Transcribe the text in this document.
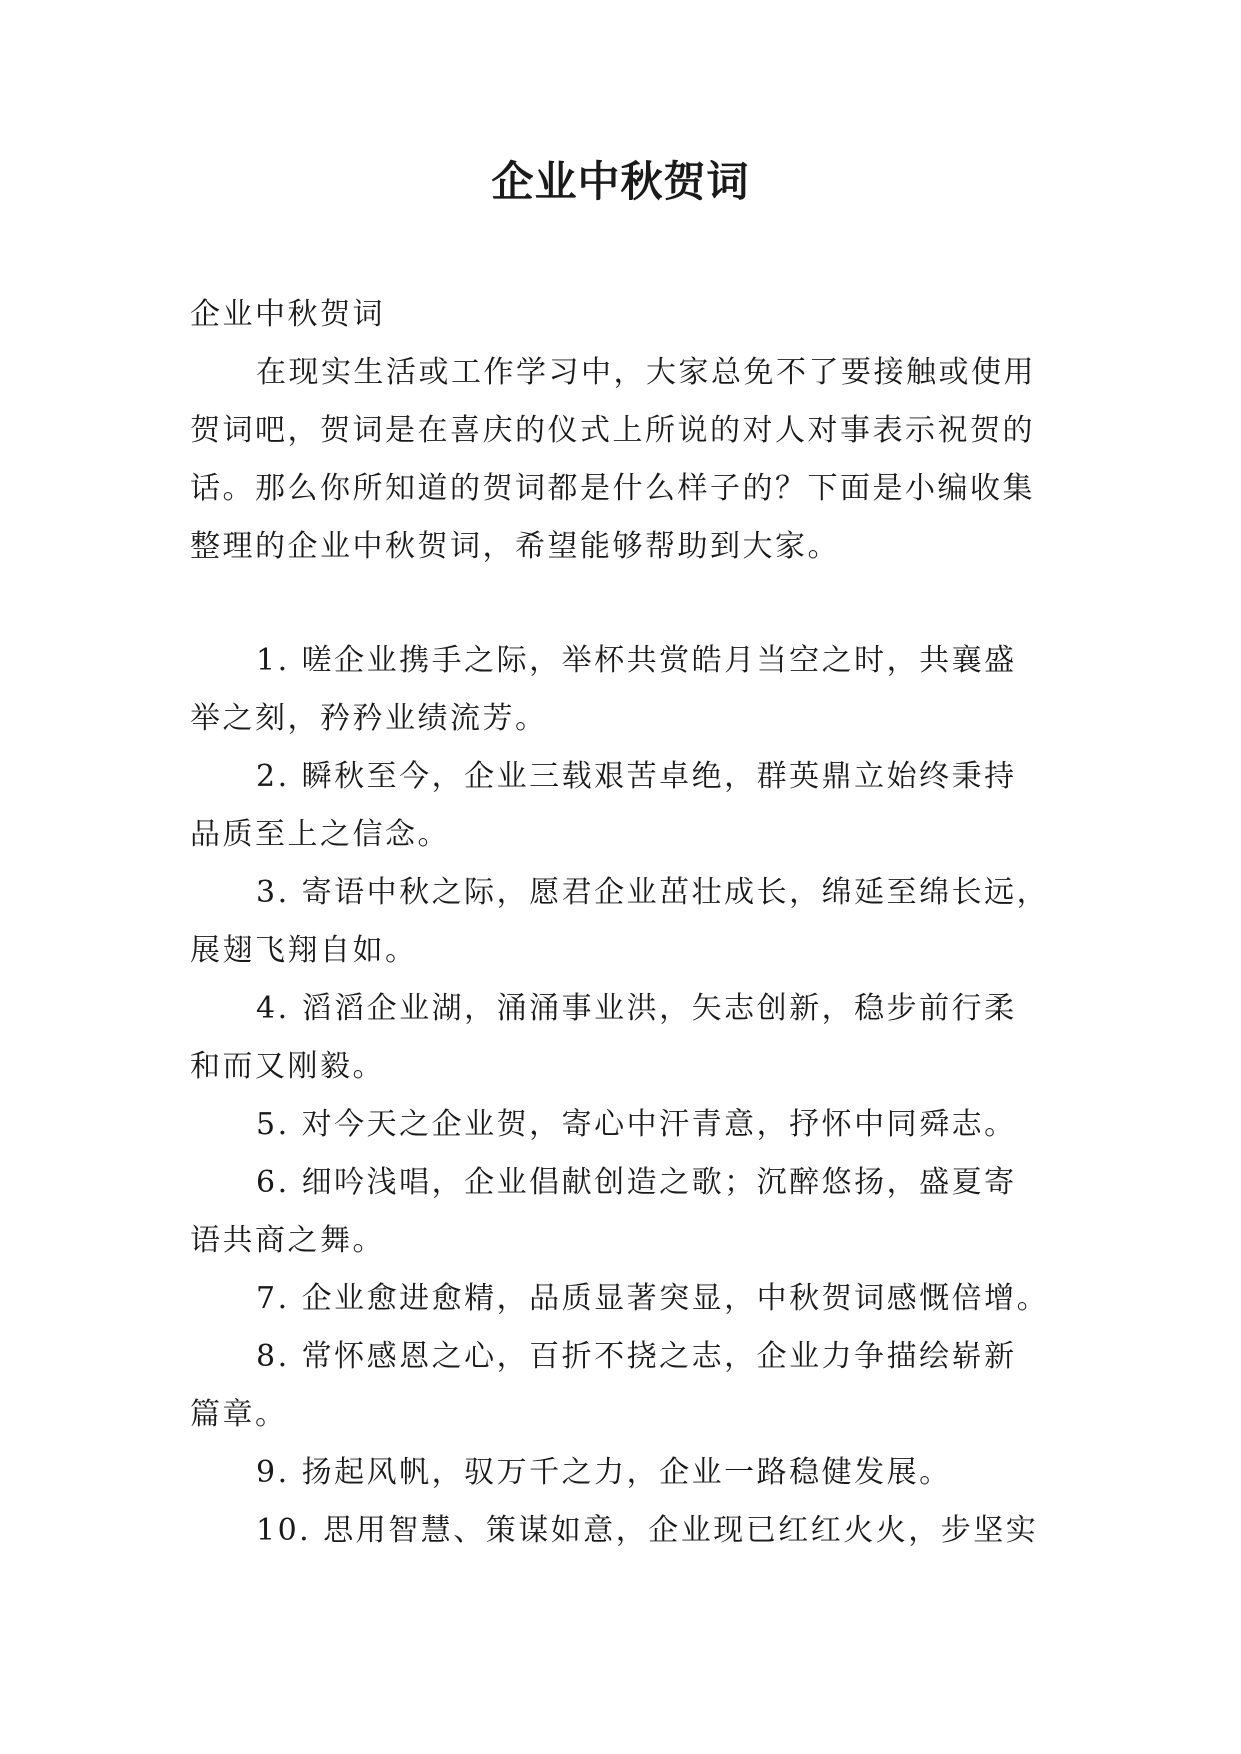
企业中秋贺词
企业中秋贺词
在现实生活或工作学习中，大家总免不了要接触或使用
贺词吧，贺词是在喜庆的仪式上所说的对人对事表示祝贺的
话。那么你所知道的贺词都是什么样子的？下面是小编收集
整理的企业中秋贺词，希望能够帮助到大家。
1. 嗟企业携手之际，举杯共赏皓月当空之时，共襄盛
举之刻，矜矜业绩流芳。
2. 瞬秋至今，企业三载艰苦卓绝，群英鼎立始终秉持
品质至上之信念。
3. 寄语中秋之际，愿君企业茁壮成长，绵延至绵长远，
展翅飞翔自如。
4. 滔滔企业湖，涌涌事业洪，矢志创新，稳步前行柔
和而又刚毅。
5. 对今天之企业贺，寄心中汗青意，抒怀中同舜志。
6. 细吟浅唱，企业倡献创造之歌；沉醉悠扬，盛夏寄
语共商之舞。
7. 企业愈进愈精，品质显著突显，中秋贺词感慨倍增。
8. 常怀感恩之心，百折不挠之志，企业力争描绘崭新
篇章。
9. 扬起风帆，驭万千之力，企业一路稳健发展。
10. 思用智慧、策谋如意，企业现已红红火火，步坚实
